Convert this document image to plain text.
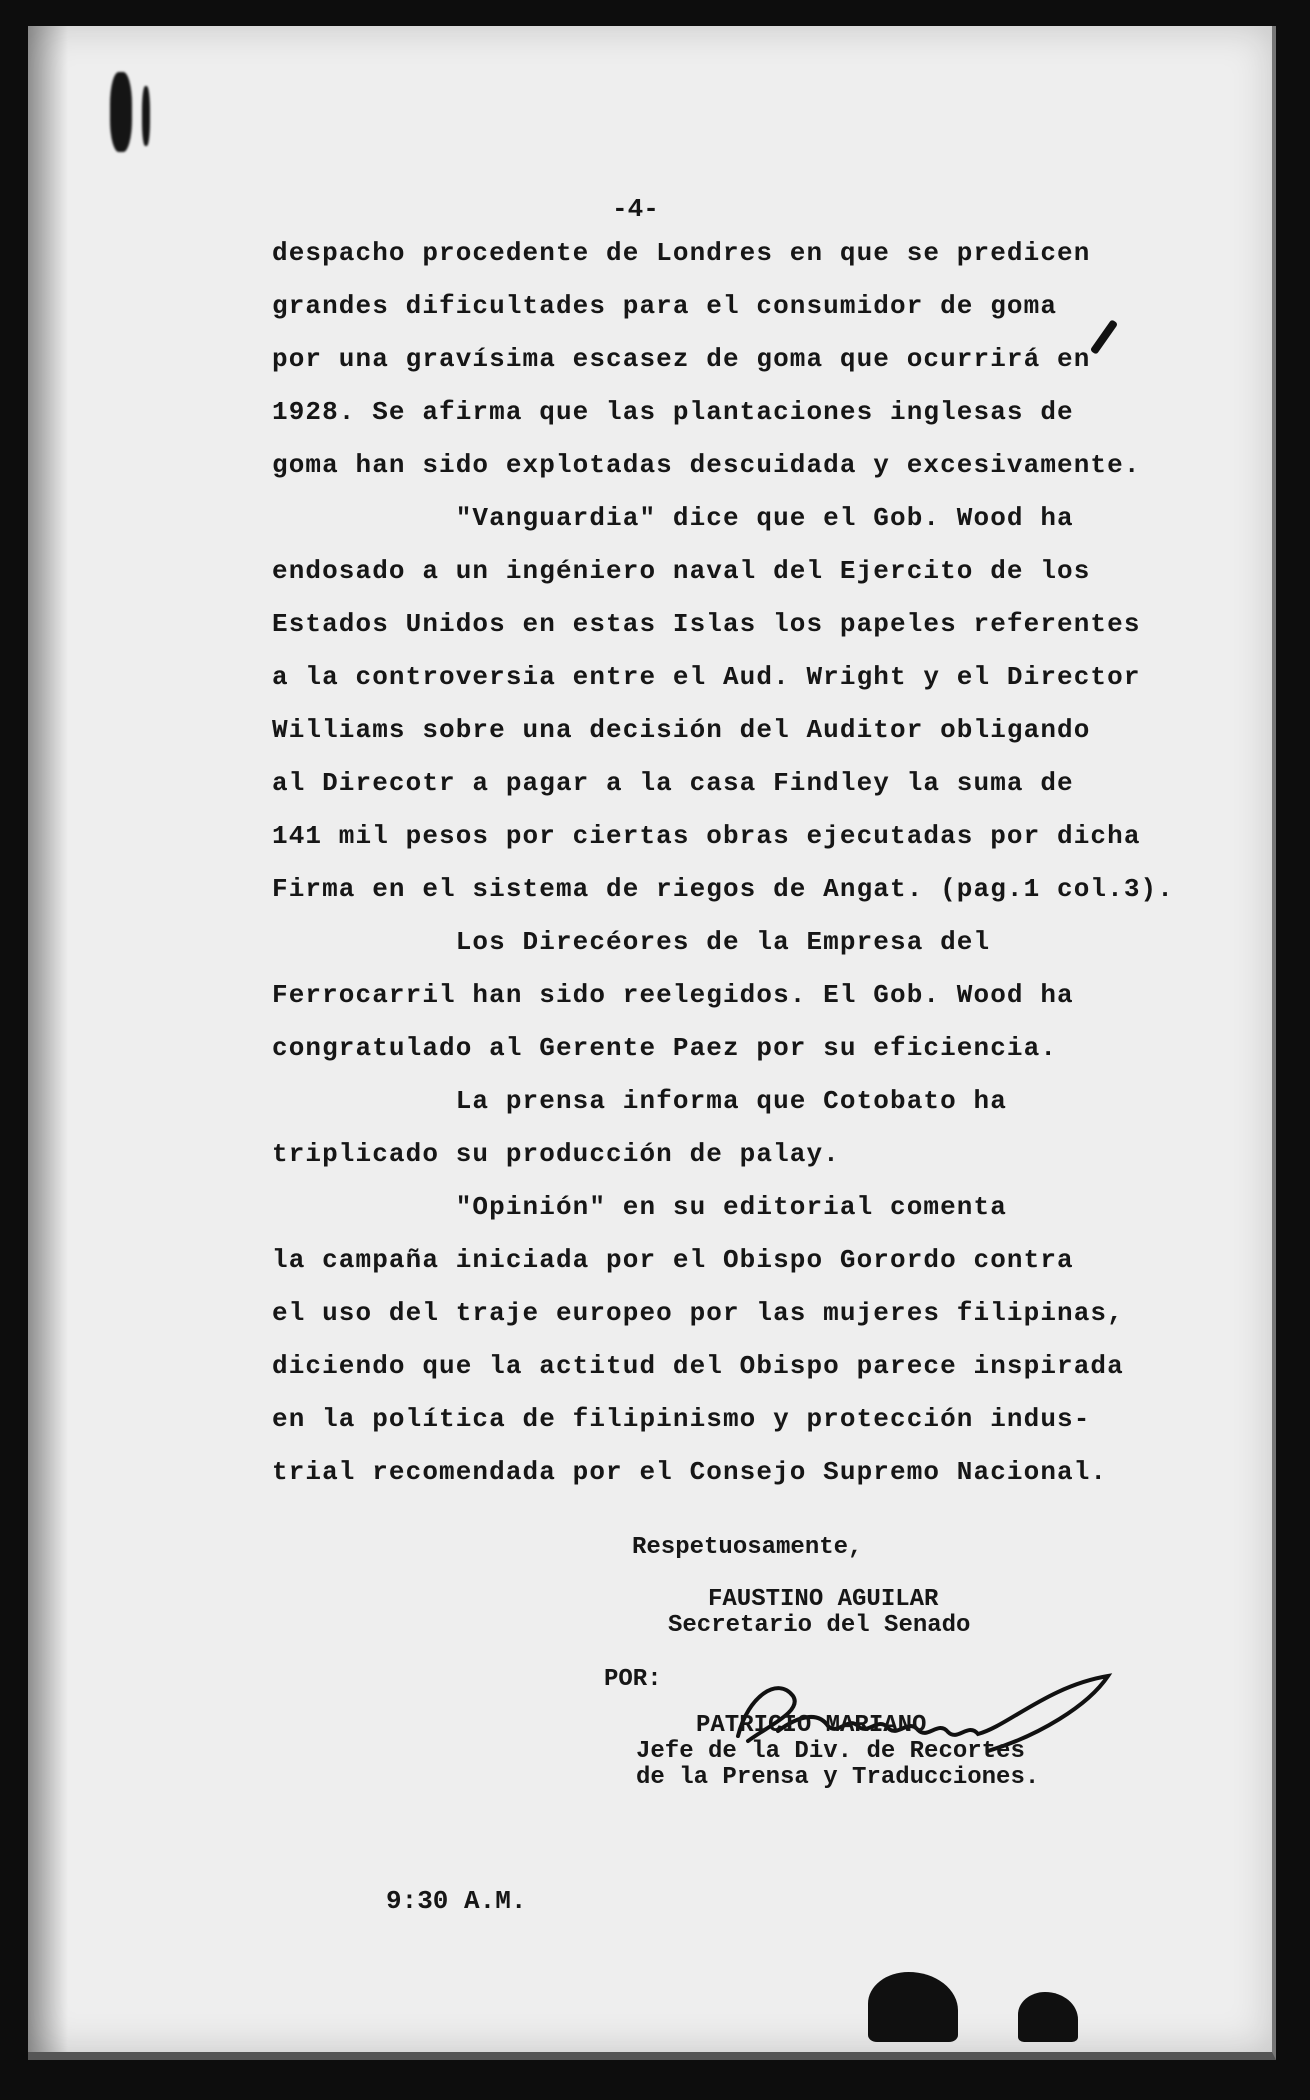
-4-
despacho procedente de Londres en que se predicen
grandes dificultades para el consumidor de goma
por una gravísima escasez de goma que ocurrirá en
1928. Se afirma que las plantaciones inglesas de
goma han sido explotadas descuidada y excesivamente.
"Vanguardia" dice que el Gob. Wood ha
endosado a un ingéniero naval del Ejercito de los
Estados Unidos en estas Islas los papeles referentes
a la controversia entre el Aud. Wright y el Director
Williams sobre una decisión del Auditor obligando
al Direcotr a pagar a la casa Findley la suma de
141 mil pesos por ciertas obras ejecutadas por dicha
Firma en el sistema de riegos de Angat. (pag.1 col.3).
Los Direcéores de la Empresa del
Ferrocarril han sido reelegidos. El Gob. Wood ha
congratulado al Gerente Paez por su eficiencia.
La prensa informa que Cotobato ha
triplicado su producción de palay.
"Opinión" en su editorial comenta
la campaña iniciada por el Obispo Gorordo contra
el uso del traje europeo por las mujeres filipinas,
diciendo que la actitud del Obispo parece inspirada
en la política de filipinismo y protección indus-
trial recomendada por el Consejo Supremo Nacional.
Respetuosamente,
FAUSTINO AGUILAR
Secretario del Senado
POR:
PATRICIO MARIANO
Jefe de la Div. de Recortes
de la Prensa y Traducciones.
9:30 A.M.
